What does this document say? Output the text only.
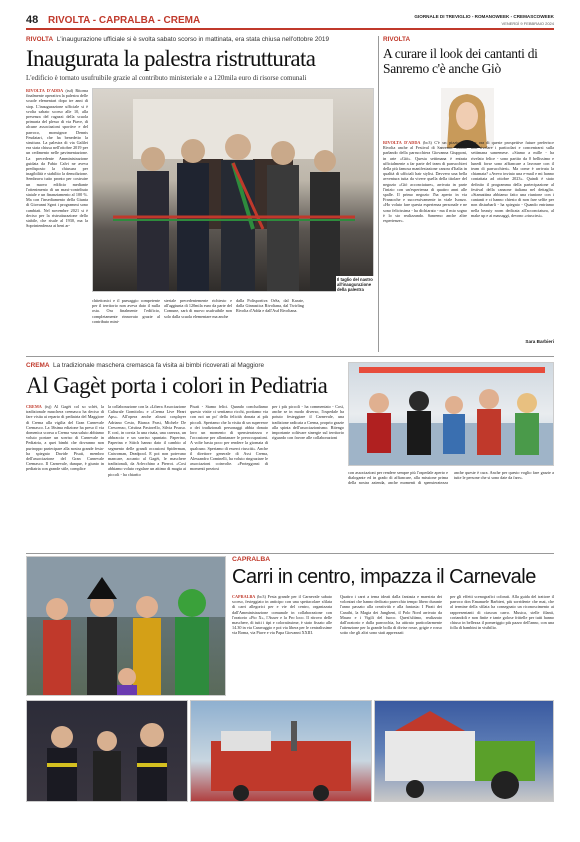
48 RIVOLTA - CAPRALBA - CREMA	GIORNALE DI TREVIGLIO - ROMANOWEEK - CREMASCOWEEK
VENERDÌ 9 FEBBRAIO 2024
RIVOLTA L'inaugurazione ufficiale si è svolta sabato scorso in mattinata, era stata chiusa nell'ottobre 2019
Inaugurata la palestra ristrutturata
L'edificio è tornato usufruibile grazie al contributo ministeriale e a 120mila euro di risorse comunali
RIVOLTA D'ADDA (tsd) Ritorna finalmente operativa la palestra delle scuole elementari dopo tre anni di stop. L'inaugurazione ufficiale si è svolta sabato scorso alle 10, alla presenza del ragazzi della scuola primaria del plesso di via Piave, di alcune associazioni sportive e del parroco, monsignor Dennis Feudatari, che ha benedetto la struttura. La palestra di via Galilei era stata chiusa nell'ottobre 2019 per un cedimento nelle pavimentazione. La precedente Amministrazione guidata da Fabio Calvi ne aveva predisposto la chiusura per inagibilità e stabilito la demolizione. Sembrava tutto pronto per costruire un nuovo edificio mediante l'ottenimento di un maxi-contributo statale e un finanziamento al 100 %. Ma con l'insediamento della Giunta di Giovanni Sgroi i programmi sono cambiati. Nel novembre 2021 si è deciso per la ristrutturazione dello stabile, che risale al 1930, ma la Soprintendenza ai beni ar-
Il taglio del nastro all'inaugurazione della palestra
chitettonici e il paesaggio competente per il territorio non aveva dato il nulla osta. Ora finalmente l'edificio, completamente rinnovato grazie al contributo mini-
steriale precedentemente richiesto e all'aggiunta di 120mila euro da parte del Comune, sarà di nuovo usufruibile non solo dalla scuola elementare ma anche
dalla Polisportiva OrSa, dal Karate, dalla Ginnastica Rivoltana, dal Twirling Rivolta d'Adda e dall'Asd Rivoltana.
RIVOLTA
A curare il look dei cantanti di Sanremo c'è anche Giò
RIVOLTA D'ADDA (bc3) C'è un pizzico di Rivolta anche al Festival di Sanremo: stiamo parlando della parrucchiera Giovanna Giupponi, in arte «Giò». Questa settimana è entrata ufficialmente a far parte del team di parrucchieri della più famosa manifestazione canora d'Italia in qualità di ufficiali hair stylist. Davvero una bella avventura tutta da vivere quella della titolare del negozio «Giò acconciature», arrivata in parte l'inizio con un'esperienza di quattro anni alle spalle. Il primo negozio l'ha aperto in via Franzoche e successivamente in viale Isonzo. «Ho voluto fare questa esperienza personale e ne sono felicissima - ha dichiarato - ma il mio sogno è lo sto realizzando. Sanremo anche altre esperienze».
Per ora di queste prospettive future preferisce non rivelare i particolari e concentrarsi sulla settimana sanremese. «Siamo a mille - ha rivelato felice - sono partito da 0 bellissimo e lunedì forse sono affiancare a lavorare con il team di parrucchieri». Ma come è arrivata la chiamata? «Avevo inviato una e-mail e mi hanno contattata ad ottobre 2023». Quindi è stato definito il programma della partecipazione al festival della canzone italiana nel dettaglio. «Stamattina abbiamo fatto una riunione con i cantanti e ci hanno chiesto di non fare selfie per non disturbarli - ha spiegato - Quando entriamo nella beauty room dedicata all'acconciatura, al make up e ai massaggi, devono «riuscirsi».
Sara Barbieri
CREMA La tradizionale maschera cremasca fa visita ai bimbi ricoverati al Maggiore
Al Gagèt porta i colori in Pediatria
CREMA (tsj) Al Gagèt col so schèt, la tradizionale maschera cremasca ha deciso di fare visita ai reparto di pediatria del Maggiore di Crema alla vigilia del Gran Carnevale Cremasco. La 36sima edizione ha preso il via domenica scorsa a Crema -una saluto abbiamo voluto portare un sorriso di Carnevale in Pediatria, a quei bimbi che dovranno non purtroppo partecipare alla nostra grande festa- ha spiegato Davide Pisati, membro dell'associazione del Gran Carnevale Cremasco. Il Carnevale, dunque, è giunto in pediatria con grande stile, complice
la collaborazione con la «Libera Associazione Culturale Gomitolo» e «Crema Live Heart Aps». All'opera anche alcuni cosplayer Adriano Cesto, Bianca Frasi, Michele De Crescenzo, Cristina Pastorello, Silvia Prusso. E così, in corsia la una risata, una carezza, un abbraccio e un sorriso spuntato. Paperino, Paperina e Stitch hanno dato il cambio al segmento delle grandi occasioni Spiderman, Catwoman, Deadpool. E poi non potevano mancare, accanto al Gagèt, le maschere tradizionali, da Arlecchino a Pierrot. «Così abbiamo voluto regalare un attimo di magia ai piccoli - ha chiarito
Pisati - Siamo felici. Quando concludiamo questo visite ci sentiamo ricchi, portiamo via con noi un po' della felicità donata ai più piccoli. Speriamo che la visita di un supereroe o dei tradizionali personaggi abbia donato loro un momento di spensieratezza e l'occasione per allontanare le preoccupazioni. A volte basta poco per rendere la giornata di qualcuno. Speriamo di esserci riusciti». Anche il direttore generale di Asst Crema, Alessandro Cominelli, ha voluto ringraziare le associazioni coinvolte. «Proteggonsi di momenti preziosi
per i più piccoli - ha commentato - Così, anche se in modo diverso, l'ospedale ha potuto festeggiare il Carnevale, una tradizione radicata a Crema, proprio grazie alla spinta dell'associazionismo. Ritengo importante coltivare sinergie sul territorio riguardo con favore alle collaborazioni
con associazioni per rendere sempre più l'ospedale aperto e dialogante ed in grado di affiancare, alla missione prima della nostra azienda, anche momenti di spensieratezza anche queste è cura. Anche per questo voglio fare grazie a tutte le persone che si sono date da fare».
CAPRALBA
Carri in centro, impazza il Carnevale
CAPRALBA (bc3) Festa grande per il Carnevale sabato scorso, festeggiato in anticipo con una spettacolare sfilata di carri allegorici per e vie del centro, organizzata dall'Amministrazione comunale in collaborazione con l'oratorio «Pio X», l'Auser e la Pro loco. Il ritrovo delle maschere, di tutti i tipi e coloratissime, è stato fissato alle 14.30 in via Caravaggio e poi via libera per le centralissime via Roma, via Piave e via Papa Giovanni XXIII.
Quattro i carri a tema ideati dalla fantasia e maestria dei volontari che hanno dedicato parecchio tempo libero durante l'anno passato alla creatività e alla fantasia: I Pirati dei Caraibi, la Magia dei Jungheni, il Polo Nord arrivato da Mauro e i Vigili del fuoco. Quest'ultimo, realizzato dall'oratorio e dalla parrocchia, ha attirato particolarmente l'attenzione per la grande bolla di divise rosse, grigie e rosso sotto che gli altri sono stati apprezzati
per gli effetti scenografici colorati. Alla guida del trattore il parroco don Emanuele Barbieri, più sorridente che mai, che al termine della sfilata ha consegnato un riconoscimento ai rappresentanti di ciascun carro. Musica, stelle filanti, coriandoli e non finite e tante golose frittelle per tutti hanno chiuso in bellezza il pomeriggio più pazzo dell'anno, con una folla di bambini in visibilio.
